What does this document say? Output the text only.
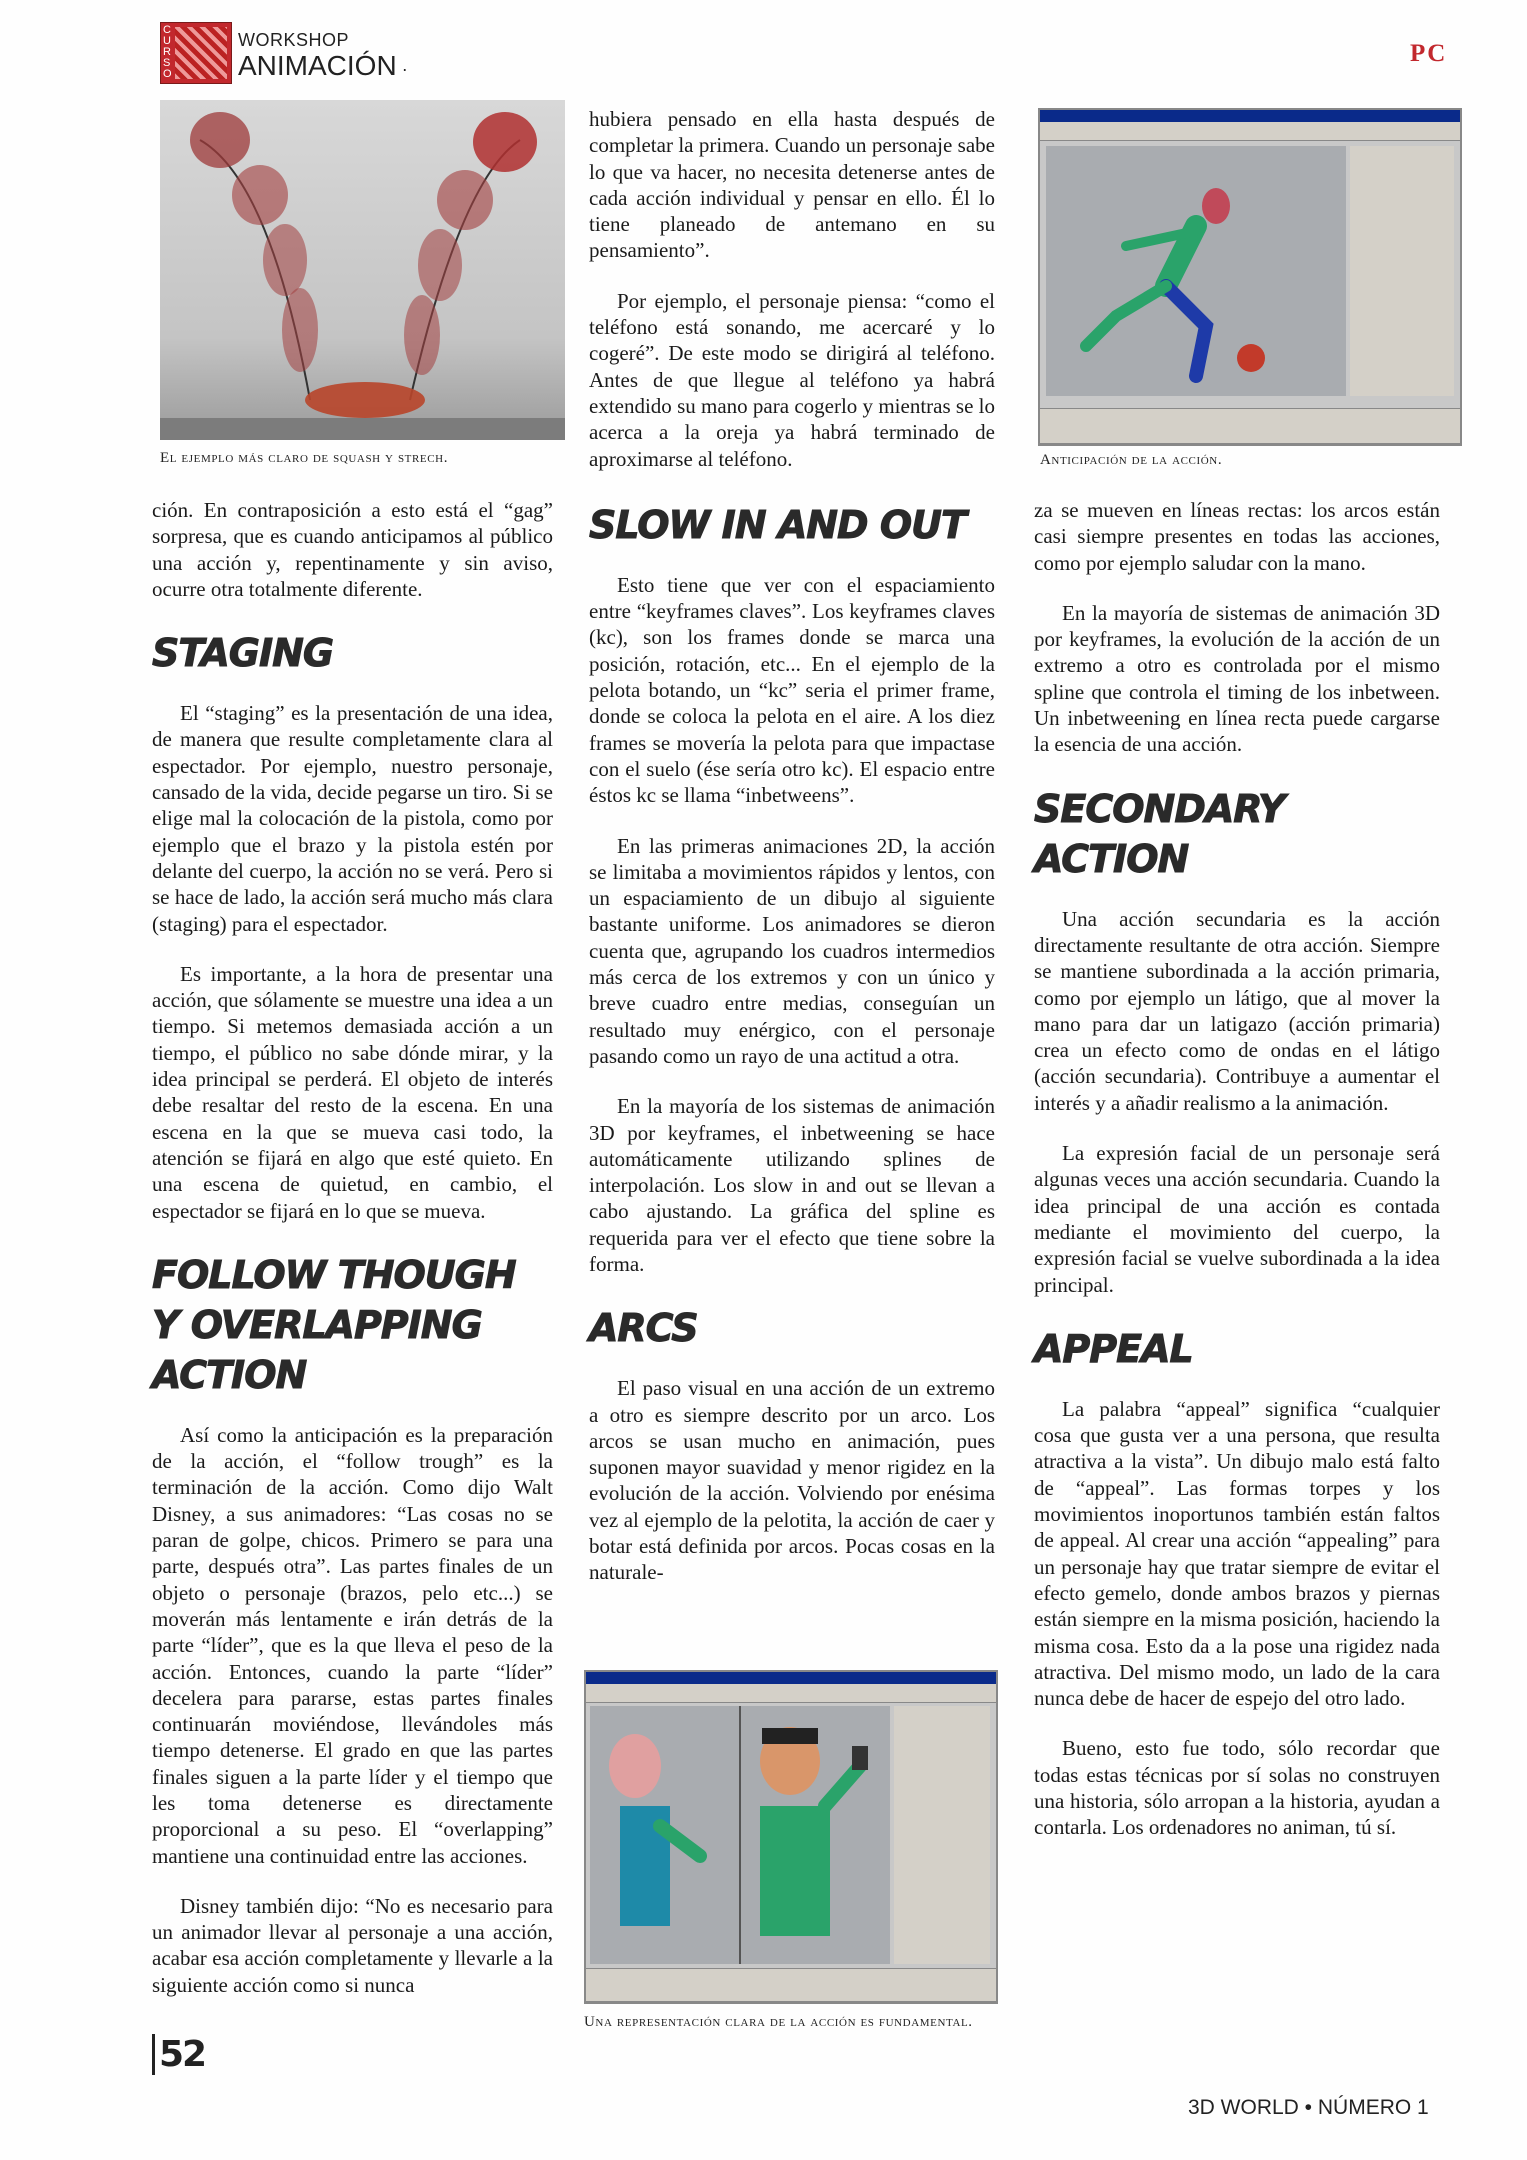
CURSO
WORKSHOP
ANIMACIÓN ·
PC
El ejemplo más claro de squash y strech.	Anticipación de la acción.

ción. En contraposición a esto está el “gag” sorpresa, que es cuando anticipamos al público una acción y, repentinamente y sin aviso, ocurre otra totalmente diferente.

STAGING

El “staging” es la presentación de una idea, de manera que resulte completamente clara al espectador. Por ejemplo, nuestro personaje, cansado de la vida, decide pegarse un tiro. Si se elige mal la colocación de la pistola, como por ejemplo que el brazo y la pistola estén por delante del cuerpo, la acción no se verá. Pero si se hace de lado, la acción será mucho más clara (staging) para el espectador.

Es importante, a la hora de presentar una acción, que sólamente se muestre una idea a un tiempo. Si metemos demasiada acción a un tiempo, el público no sabe dónde mirar, y la idea principal se perderá. El objeto de interés debe resaltar del resto de la escena. En una escena en la que se mueva casi todo, la atención se fijará en algo que esté quieto. En una escena de quietud, en cambio, el espectador se fijará en lo que se mueva.

FOLLOW THOUGH
Y OVERLAPPING
ACTION

Así como la anticipación es la preparación de la acción, el “follow trough” es la terminación de la acción. Como dijo Walt Disney, a sus animadores: “Las cosas no se paran de golpe, chicos. Primero se para una parte, después otra”. Las partes finales de un objeto o personaje (brazos, pelo etc...) se moverán más lentamente e irán detrás de la parte “líder”, que es la que lleva el peso de la acción. Entonces, cuando la parte “líder” decelera para pararse, estas partes finales continuarán moviéndose, llevándoles más tiempo detenerse. El grado en que las partes finales siguen a la parte líder y el tiempo que les toma detenerse es directamente proporcional a su peso. El “overlapping” mantiene una continuidad entre las acciones.

Disney también dijo: “No es necesario para un animador llevar al personaje a una acción, acabar esa acción completamente y llevarle a la siguiente acción como si nunca

hubiera pensado en ella hasta después de completar la primera. Cuando un personaje sabe lo que va hacer, no necesita detenerse antes de cada acción individual y pensar en ello. Él lo tiene planeado de antemano en su pensamiento”.

Por ejemplo, el personaje piensa: “como el teléfono está sonando, me acercaré y lo cogeré”. De este modo se dirigirá al teléfono. Antes de que llegue al teléfono ya habrá extendido su mano para cogerlo y mientras se lo acerca a la oreja ya habrá terminado de aproximarse al teléfono.

SLOW IN AND OUT

Esto tiene que ver con el espaciamiento entre “keyframes claves”. Los keyframes claves (kc), son los frames donde se marca una posición, rotación, etc... En el ejemplo de la pelota botando, un “kc” seria el primer frame, donde se coloca la pelota en el aire. A los diez frames se movería la pelota para que impactase con el suelo (ése sería otro kc). El espacio entre éstos kc se llama “inbetweens”.

En las primeras animaciones 2D, la acción se limitaba a movimientos rápidos y lentos, con un espaciamiento de un dibujo al siguiente bastante uniforme. Los animadores se dieron cuenta que, agrupando los cuadros intermedios más cerca de los extremos y con un único y breve cuadro entre medias, conseguían un resultado muy enérgico, con el personaje pasando como un rayo de una actitud a otra.

En la mayoría de los sistemas de animación 3D por keyframes, el inbetweening se hace automáticamente utilizando splines de interpolación. Los slow in and out se llevan a cabo ajustando. La gráfica del spline es requerida para ver el efecto que tiene sobre la forma.

ARCS

El paso visual en una acción de un extremo a otro es siempre descrito por un arco. Los arcos se usan mucho en animación, pues suponen mayor suavidad y menor rigidez en la evolución de la acción. Volviendo por enésima vez al ejemplo de la pelotita, la acción de caer y botar está definida por arcos. Pocas cosas en la naturale-

Una representación clara de la acción es fundamental.

za se mueven en líneas rectas: los arcos están casi siempre presentes en todas las acciones, como por ejemplo saludar con la mano.

En la mayoría de sistemas de animación 3D por keyframes, la evolución de la acción de un extremo a otro es controlada por el mismo spline que controla el timing de los inbetween. Un inbetweening en línea recta puede cargarse la esencia de una acción.

SECONDARY
ACTION

Una acción secundaria es la acción directamente resultante de otra acción. Siempre se mantiene subordinada a la acción primaria, como por ejemplo un látigo, que al mover la mano para dar un latigazo (acción primaria) crea un efecto como de ondas en el látigo (acción secundaria). Contribuye a aumentar el interés y a añadir realismo a la animación.

La expresión facial de un personaje será algunas veces una acción secundaria. Cuando la idea principal de una acción es contada mediante el movimiento del cuerpo, la expresión facial se vuelve subordinada a la idea principal.

APPEAL

La palabra “appeal” significa “cualquier cosa que gusta ver a una persona, que resulta atractiva a la vista”. Un dibujo malo está falto de “appeal”. Las formas torpes y los movimientos inoportunos también están faltos de appeal. Al crear una acción “appealing” para un personaje hay que tratar siempre de evitar el efecto gemelo, donde ambos brazos y piernas están siempre en la misma posición, haciendo la misma cosa. Esto da a la pose una rigidez nada atractiva. Del mismo modo, un lado de la cara nunca debe de hacer de espejo del otro lado.

Bueno, esto fue todo, sólo recordar que todas estas técnicas por sí solas no construyen una historia, sólo arropan a la historia, ayudan a contarla. Los ordenadores no animan, tú sí.

52
3D WORLD • NÚMERO 1
